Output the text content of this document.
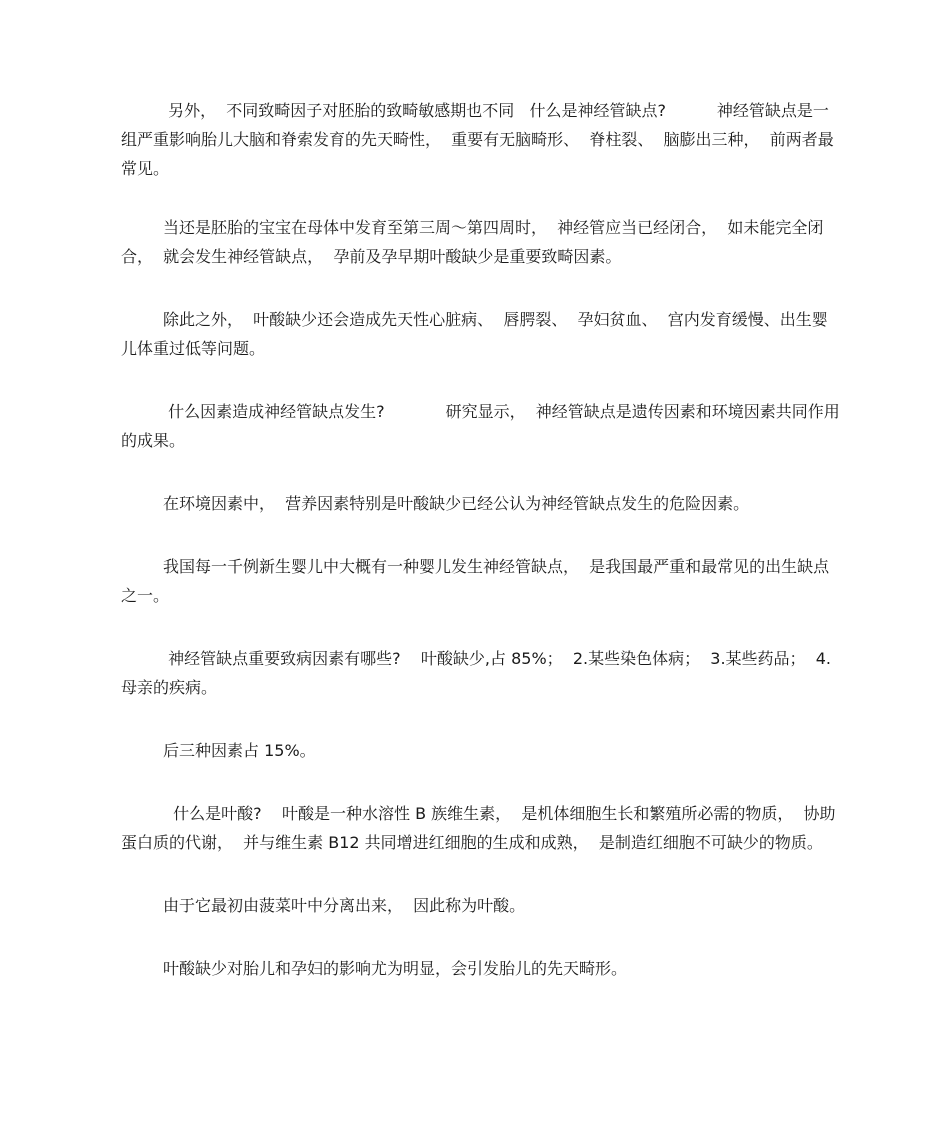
另外，  不同致畸因子对胚胎的致畸敏感期也不同   什么是神经管缺点?          神经管缺点是一组严重影响胎儿大脑和脊索发育的先天畸性，  重要有无脑畸形、  脊柱裂、  脑膨出三种，  前两者最常见。

当还是胚胎的宝宝在母体中发育至第三周～第四周时，  神经管应当已经闭合，  如未能完全闭合，  就会发生神经管缺点，  孕前及孕早期叶酸缺少是重要致畸因素。

除此之外，  叶酸缺少还会造成先天性心脏病、  唇腭裂、  孕妇贫血、  宫内发育缓慢、出生婴儿体重过低等问题。

什么因素造成神经管缺点发生?            研究显示，  神经管缺点是遗传因素和环境因素共同作用的成果。

在环境因素中，  营养因素特别是叶酸缺少已经公认为神经管缺点发生的危险因素。

我国每一千例新生婴儿中大概有一种婴儿发生神经管缺点，  是我国最严重和最常见的出生缺点之一。

神经管缺点重要致病因素有哪些?    叶酸缺少,占 85%；  2.某些染色体病；  3.某些药品；  4.母亲的疾病。

后三种因素占 15%。

什么是叶酸?    叶酸是一种水溶性 B 族维生素，  是机体细胞生长和繁殖所必需的物质，  协助蛋白质的代谢，  并与维生素 B12 共同增进红细胞的生成和成熟，  是制造红细胞不可缺少的物质。

由于它最初由菠菜叶中分离出来，  因此称为叶酸。

叶酸缺少对胎儿和孕妇的影响尤为明显，会引发胎儿的先天畸形。
